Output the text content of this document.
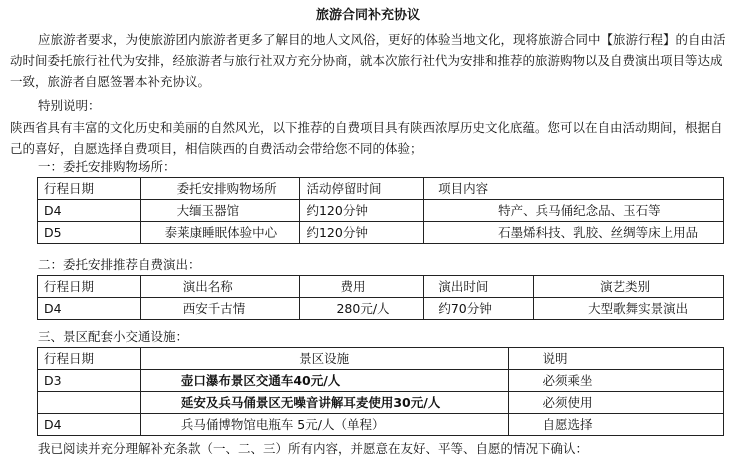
旅游合同补充协议

应旅游者要求，为使旅游团内旅游者更多了解目的地人文风俗，更好的体验当地文化，现将旅游合同中【旅游行程】的自由活动时间委托旅行社代为安排，经旅游者与旅行社双方充分协商，就本次旅行社代为安排和推荐的旅游购物以及自费演出项目等达成一致，旅游者自愿签署本补充协议。

特别说明：

陕西省具有丰富的文化历史和美丽的自然风光，以下推荐的自费项目具有陕西浓厚历史文化底蕴。您可以在自由活动期间，根据自己的喜好，自愿选择自费项目，相信陕西的自费活动会带给您不同的体验；

一：委托安排购物场所：
行程日期	委托安排购物场所	活动停留时间	项目内容
D4	大缅玉器馆	约120分钟	特产、兵马俑纪念品、玉石等
D5	泰莱康睡眠体验中心	约120分钟	石墨烯科技、乳胶、丝绸等床上用品
二：委托安排推荐自费演出：
行程日期	演出名称	费用	演出时间	演艺类别
D4	西安千古情	280元/人	约70分钟	大型歌舞实景演出
三、景区配套小交通设施：
行程日期	景区设施	说明
D3	壶口瀑布景区交通车40元/人	必须乘坐
	延安及兵马俑景区无噪音讲解耳麦使用30元/人	必须使用
D4	兵马俑博物馆电瓶车 5元/人（单程）	自愿选择
我已阅读并充分理解补充条款（一、二、三）所有内容，并愿意在友好、平等、自愿的情况下确认：
